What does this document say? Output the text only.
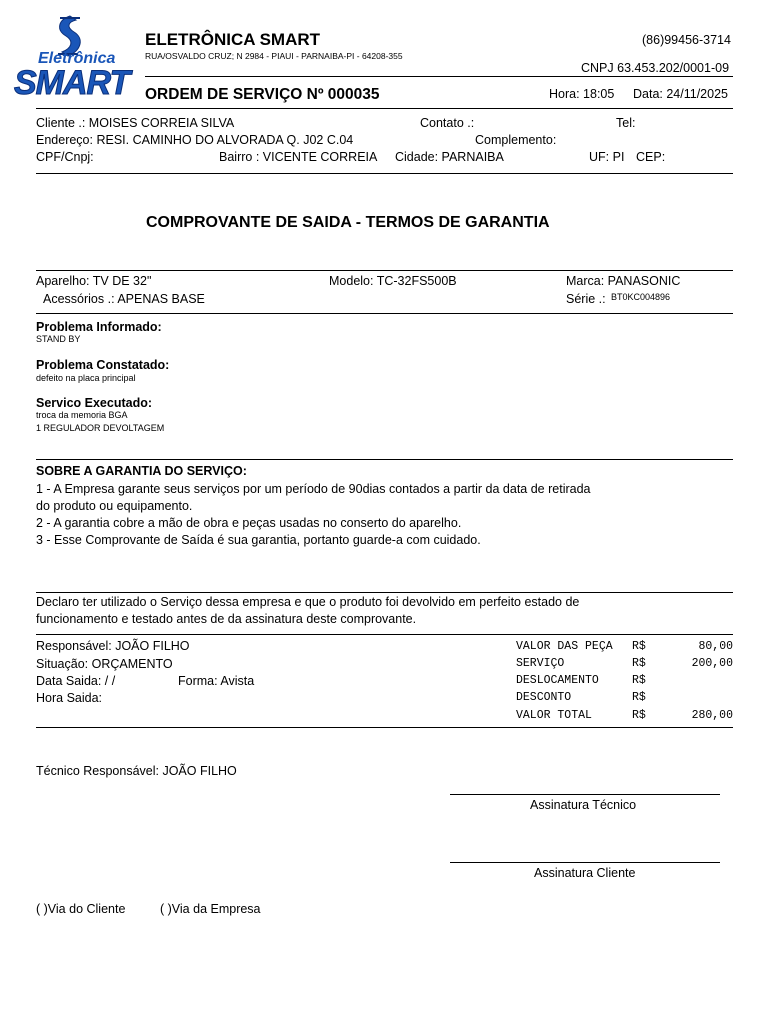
Eletrônica
SMART
ELETRÔNICA SMART
RUA/OSVALDO CRUZ; N 2984 - PIAUI - PARNAIBA-PI - 64208-355
(86)99456-3714
CNPJ 63.453.202/0001-09
ORDEM DE SERVIÇO Nº 000035	Hora: 18:05 Data: 24/11/2025
Cliente .: MOISES CORREIA SILVA	Contato .:	Tel:
Endereço: RESI. CAMINHO DO ALVORADA Q. J02 C.04	Complemento:
CPF/Cnpj:	Bairro : VICENTE CORREIA Cidade: PARNAIBA	UF: PI CEP:
COMPROVANTE DE SAIDA - TERMOS DE GARANTIA
Aparelho: TV DE 32"	Modelo: TC-32FS500B	Marca: PANASONIC
Acessórios .: APENAS BASE	Série .: BT0KC004896
Problema Informado:
STAND BY
Problema Constatado:
defeito na placa principal
Servico Executado:
troca da memoria BGA
1 REGULADOR DEVOLTAGEM
SOBRE A GARANTIA DO SERVIÇO:
1 - A Empresa garante seus serviços por um período de 90dias contados a partir da data de retirada
do produto ou equipamento.
2 - A garantia cobre a mão de obra e peças usadas no conserto do aparelho.
3 - Esse Comprovante de Saída é sua garantia, portanto guarde-a com cuidado.
Declaro ter utilizado o Serviço dessa empresa e que o produto foi devolvido em perfeito estado de
funcionamento e testado antes de da assinatura deste comprovante.
Responsável: JOÃO FILHO
Situação: ORÇAMENTO
Data Saida: / /	Forma: Avista
Hora Saida:
VALOR DAS PEÇA R$	80,00
SERVIÇO	R$	200,00
DESLOCAMENTO	R$
DESCONTO	R$
VALOR TOTAL	R$	280,00
Técnico Responsável: JOÃO FILHO
Assinatura Técnico
Assinatura Cliente
( )Via do Cliente	( )Via da Empresa
